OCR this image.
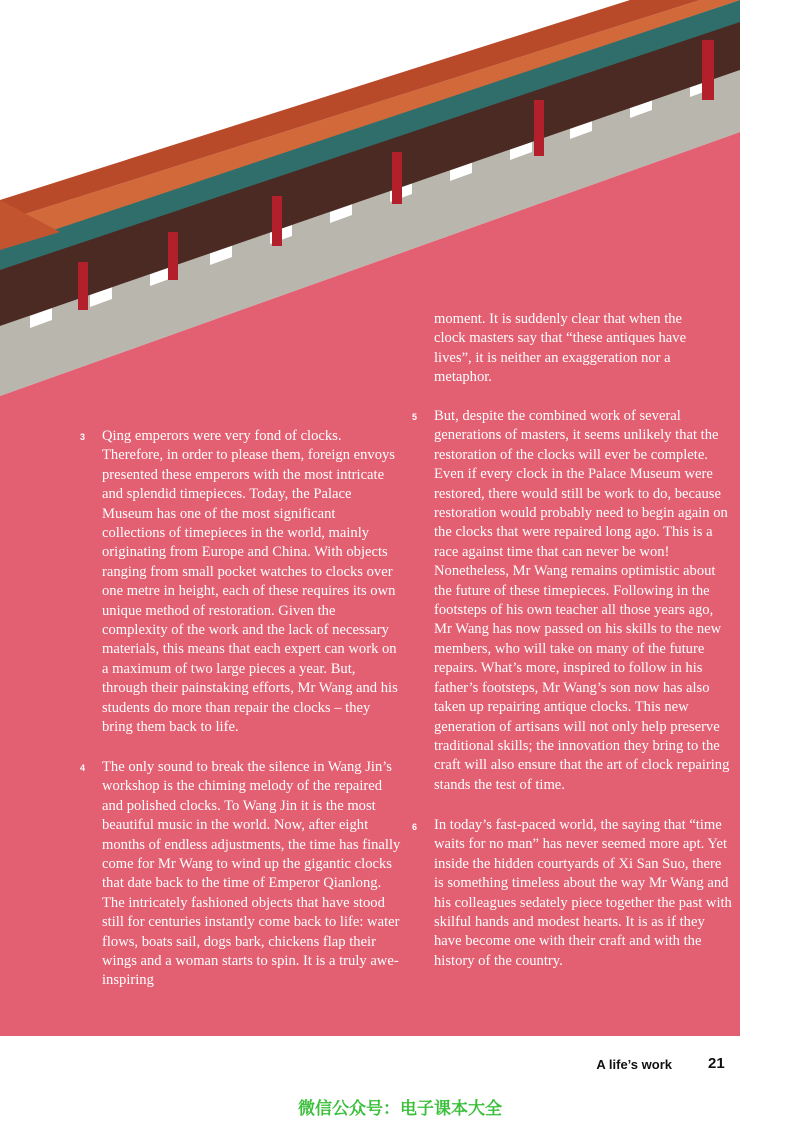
3 Qing emperors were very fond of clocks. Therefore, in order to please them, foreign envoys presented these emperors with the most intricate and splendid timepieces. Today, the Palace Museum has one of the most significant collections of timepieces in the world, mainly originating from Europe and China. With objects ranging from small pocket watches to clocks over one metre in height, each of these requires its own unique method of restoration. Given the complexity of the work and the lack of necessary materials, this means that each expert can work on a maximum of two large pieces a year. But, through their painstaking efforts, Mr Wang and his students do more than repair the clocks – they bring them back to life.

4 The only sound to break the silence in Wang Jin’s workshop is the chiming melody of the repaired and polished clocks. To Wang Jin it is the most beautiful music in the world. Now, after eight months of endless adjustments, the time has finally come for Mr Wang to wind up the gigantic clocks that date back to the time of Emperor Qianlong. The intricately fashioned objects that have stood still for centuries instantly come back to life: water flows, boats sail, dogs bark, chickens flap their wings and a woman starts to spin. It is a truly awe-inspiring

moment. It is suddenly clear that when the clock masters say that “these antiques have lives”, it is neither an exaggeration nor a metaphor.

5 But, despite the combined work of several generations of masters, it seems unlikely that the restoration of the clocks will ever be complete. Even if every clock in the Palace Museum were restored, there would still be work to do, because restoration would probably need to begin again on the clocks that were repaired long ago. This is a race against time that can never be won! Nonetheless, Mr Wang remains optimistic about the future of these timepieces. Following in the footsteps of his own teacher all those years ago, Mr Wang has now passed on his skills to the new members, who will take on many of the future repairs. What’s more, inspired to follow in his father’s footsteps, Mr Wang’s son now has also taken up repairing antique clocks. This new generation of artisans will not only help preserve traditional skills; the innovation they bring to the craft will also ensure that the art of clock repairing stands the test of time.

6 In today’s fast-paced world, the saying that “time waits for no man” has never seemed more apt. Yet inside the hidden courtyards of Xi San Suo, there is something timeless about the way Mr Wang and his colleagues sedately piece together the past with skilful hands and modest hearts. It is as if they have become one with their craft and with the history of the country.

A life’s work 21
微信公众号：电子课本大全
